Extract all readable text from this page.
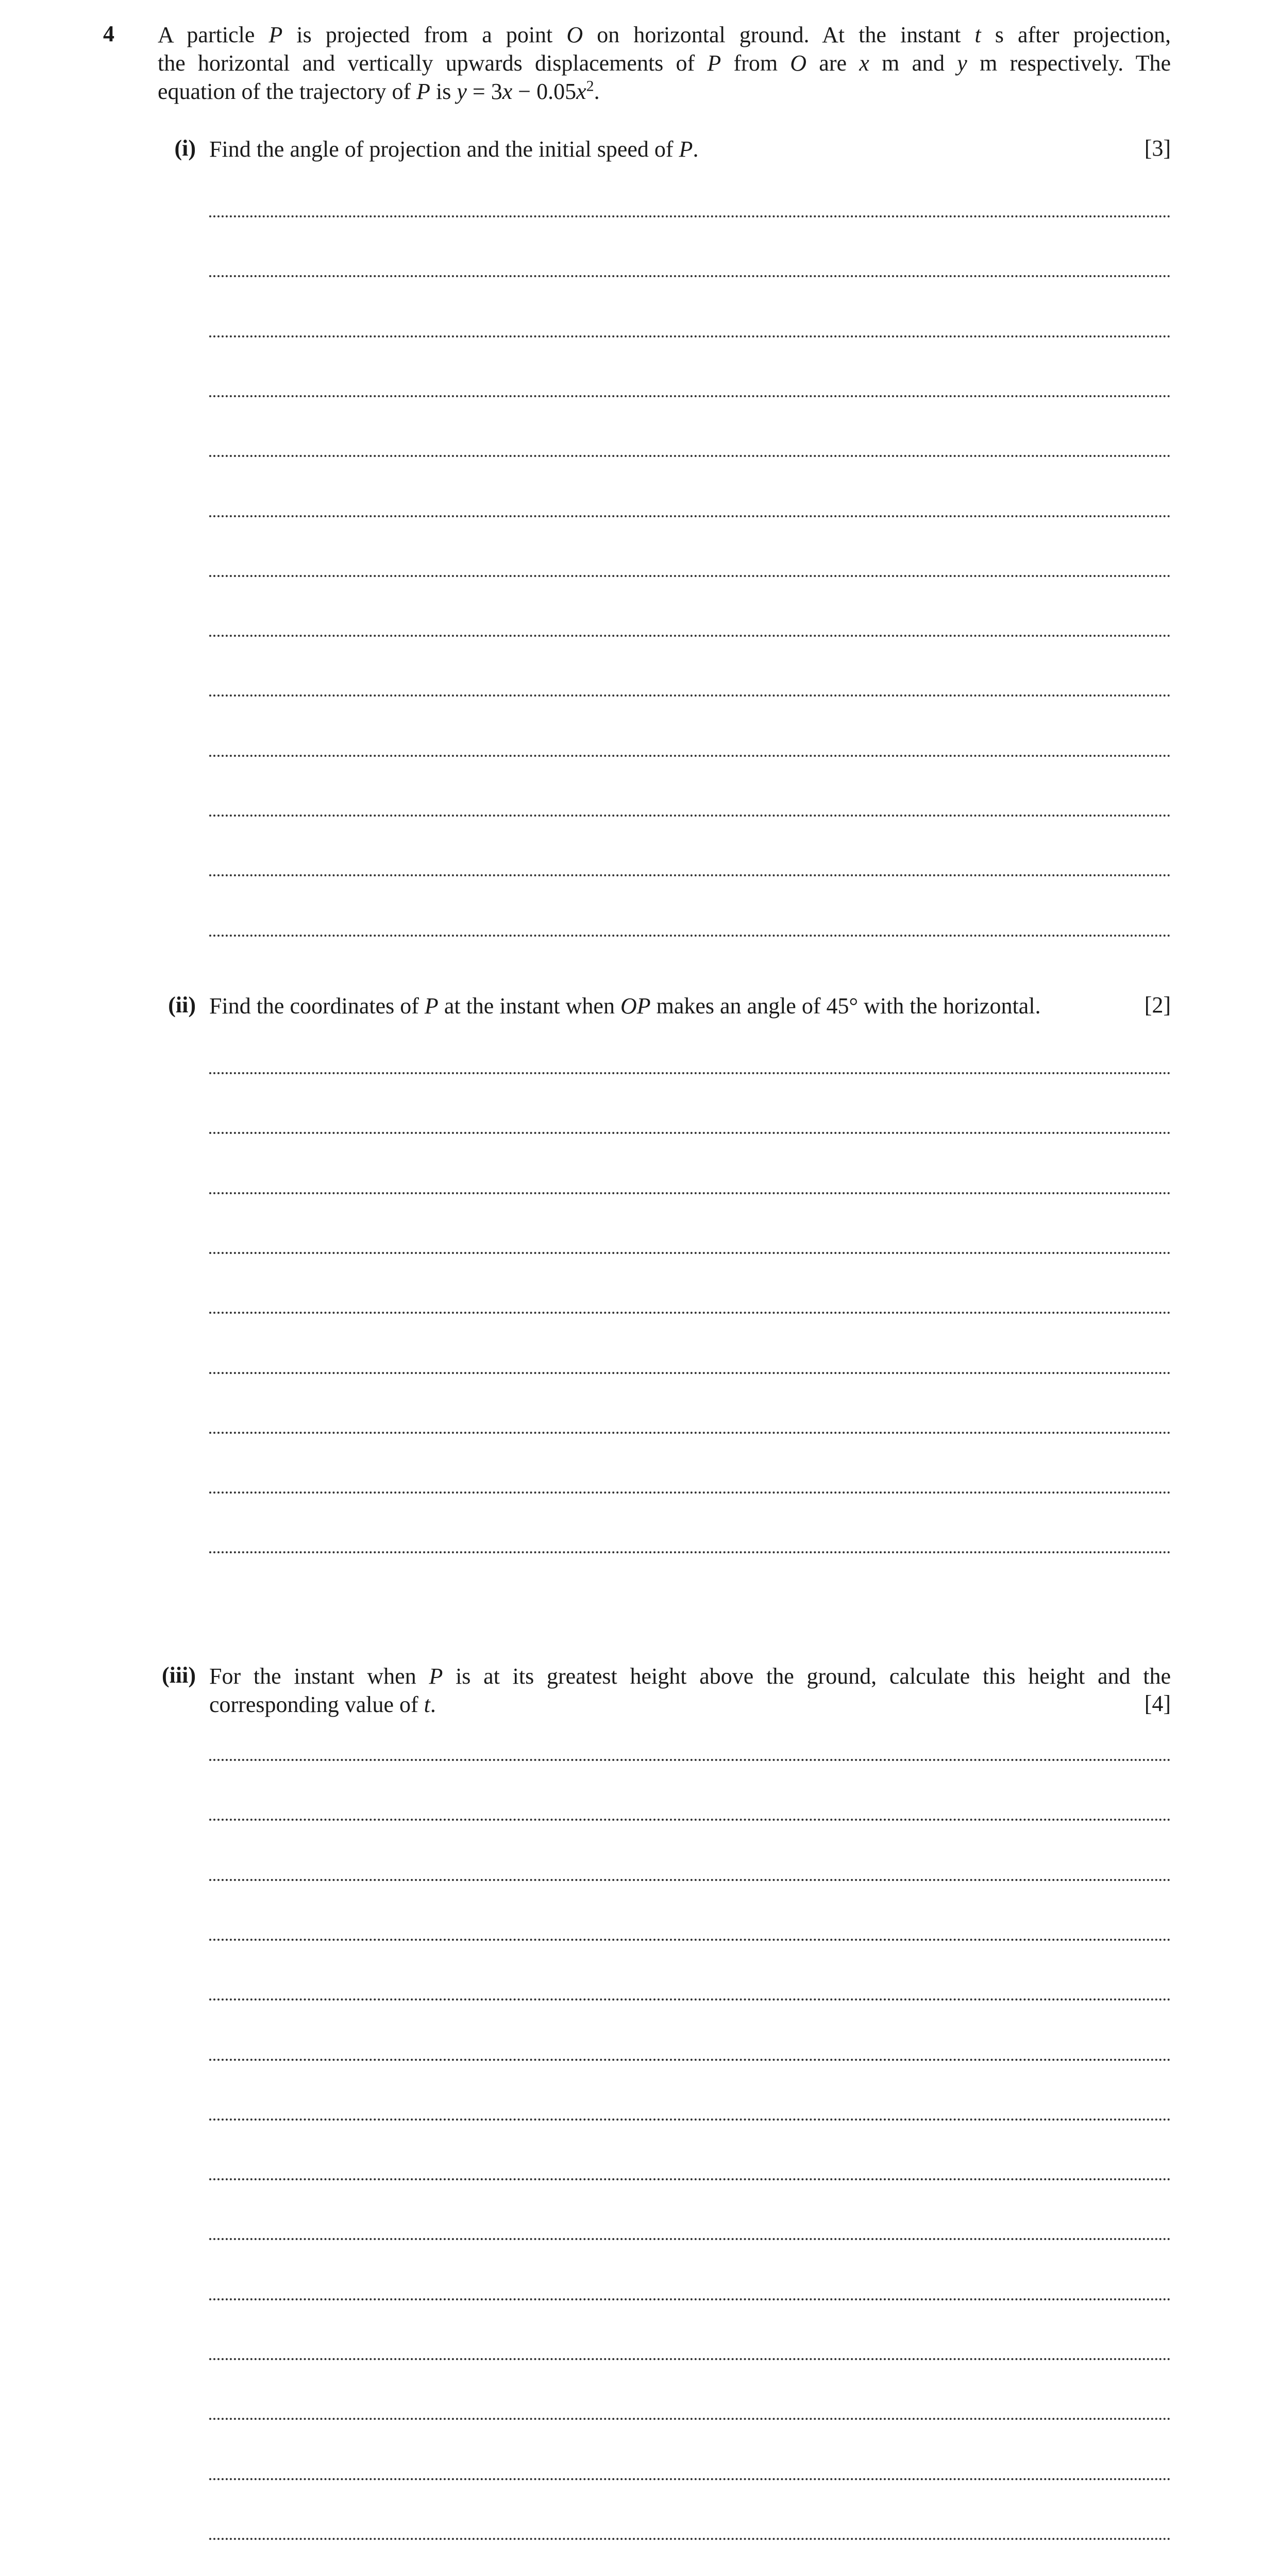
4 A particle P is projected from a point O on horizontal ground. At the instant t s after projection,
the horizontal and vertically upwards displacements of P from O are x m and y m respectively. The
equation of the trajectory of P is $y = 3x - 0.05x^2$.
(i) Find the angle of projection and the initial speed of P.	[3]
(ii) Find the coordinates of P at the instant when OP makes an angle of 45° with the horizontal.	[2]
(iii) For the instant when P is at its greatest height above the ground, calculate this height and the
corresponding value of t.	[4]
